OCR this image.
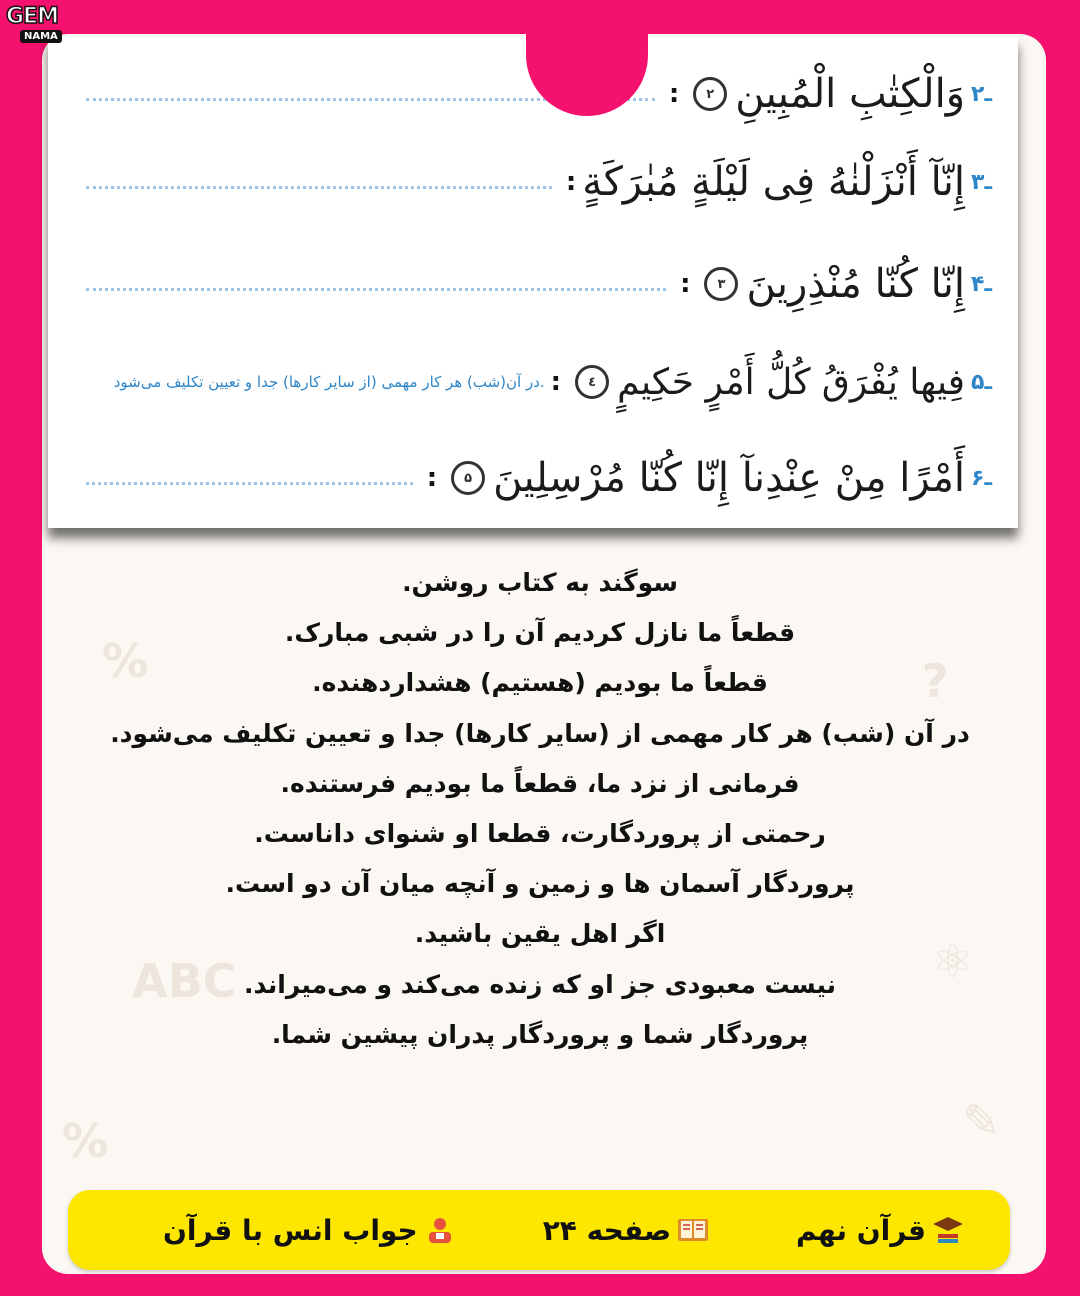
GEM
NAMA
%	?
ABC	⚛
%	✎
۲ـ
وَالْكِتٰبِ الْمُبِينِ
۲
:
۳ـ
إِنّآ أَنْزَلْنٰهُ فِى لَيْلَةٍ مُبٰرَكَةٍ
:
۴ـ
إِنّا كُنّا مُنْذِرِينَ
۳
:
۵ـ
فِيها يُفْرَقُ كُلُّ أَمْرٍ حَكِيمٍ
٤
:
در آن(شب) هر کار مهمی (از سایر کارها) جدا و تعیین تکلیف می‌شود.
۶ـ
أَمْرًا مِنْ عِنْدِنآ إِنّا كُنّا مُرْسِلِينَ
۵
:
سوگند به کتاب روشن.
قطعاً ما نازل کردیم آن را در شبی مبارک.
قطعاً ما بودیم (هستیم) هشداردهنده.
در آن (شب) هر کار مهمی از (سایر کارها) جدا و تعیین تکلیف می‌شود.
فرمانی از نزد ما، قطعاً ما بودیم فرستنده.
رحمتی از پروردگارت، قطعا او شنوای داناست.
پروردگار آسمان ها و زمین و آنچه میان آن دو است.
اگر اهل یقین باشید.
نیست معبودی جز او که زنده می‌کند و می‌میراند.
پروردگار شما و پروردگار پدران پیشین شما.
جواب انس با قرآن	صفحه ۲۴	قرآن نهم
